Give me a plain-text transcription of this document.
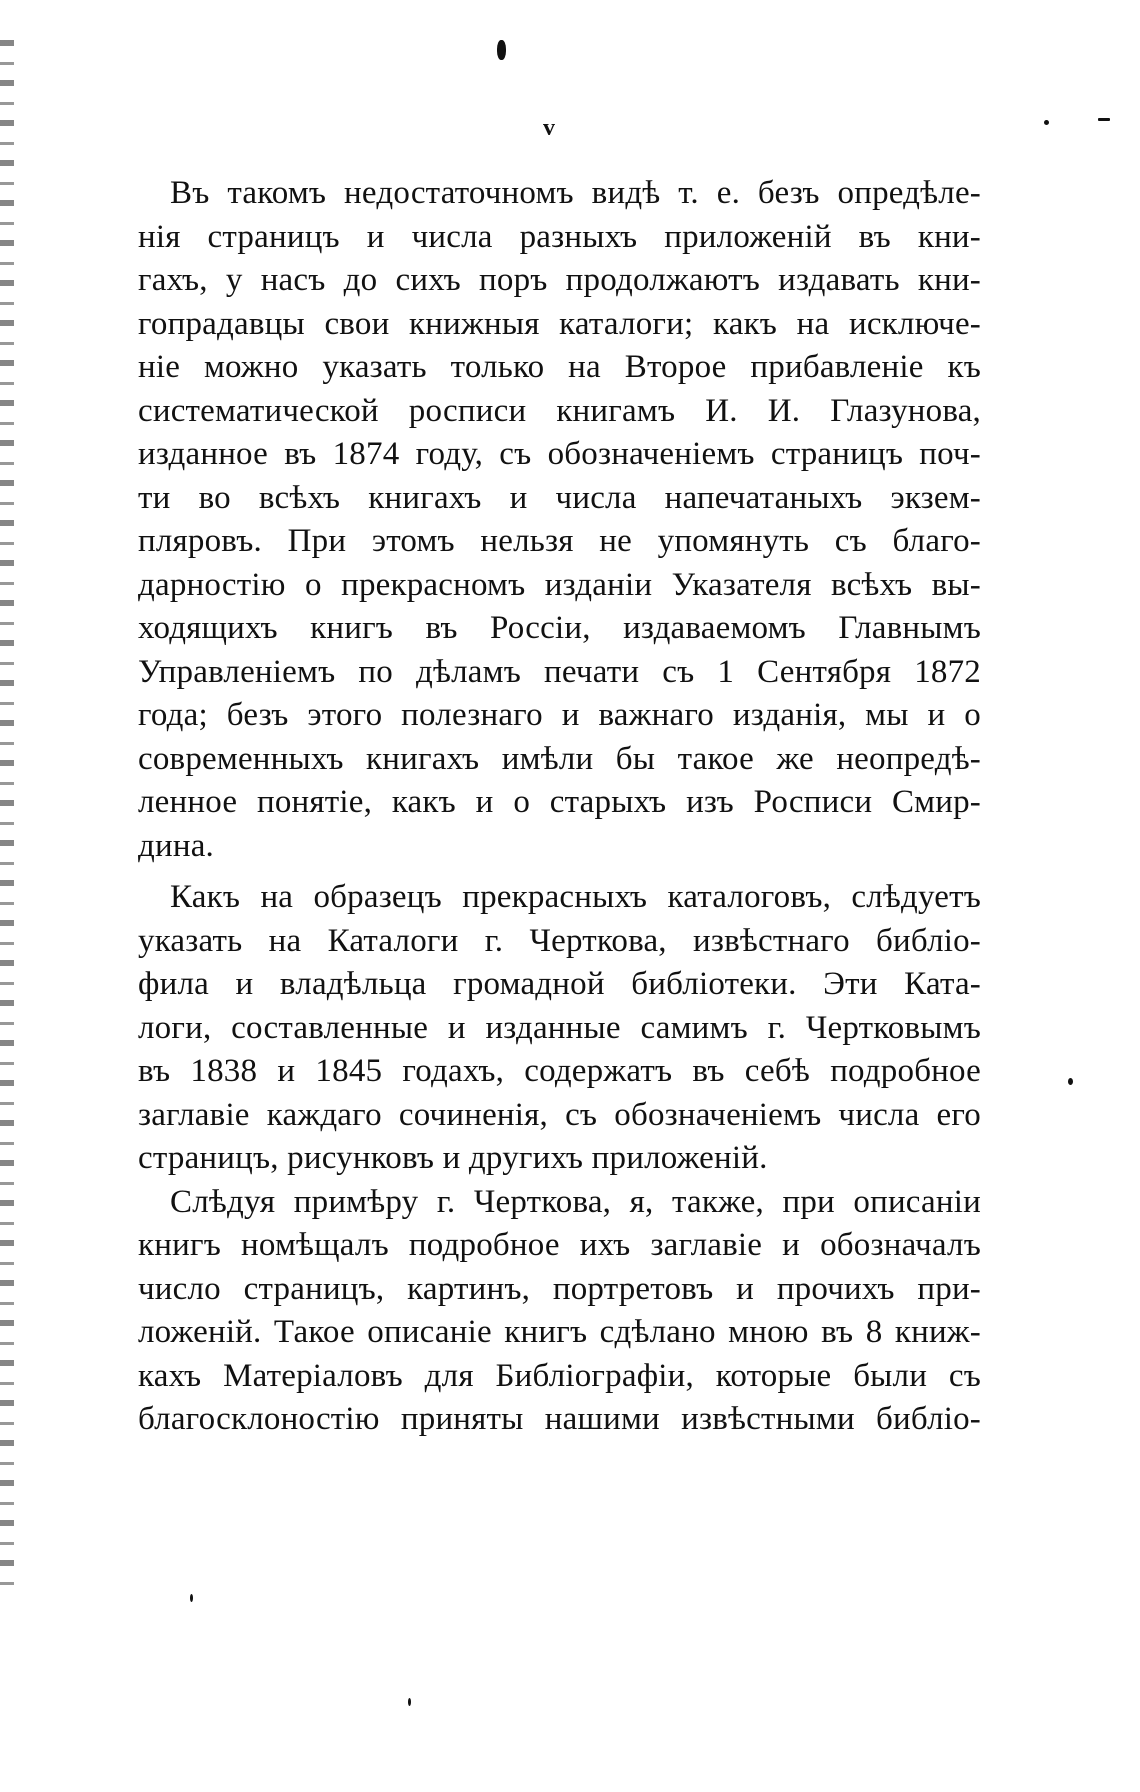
v
Въ такомъ недостаточномъ видѣ т. е. безъ опредѣле-
нія страницъ и числа разныхъ приложеній въ кни-
гахъ, у насъ до сихъ поръ продолжаютъ издавать кни-
гопрадавцы свои книжныя каталоги; какъ на исключе-
ніе можно указать только на Второе прибавленіе къ
систематической росписи книгамъ И. И. Глазунова,
изданное въ 1874 году, съ обозначеніемъ страницъ поч-
ти во всѣхъ книгахъ и числа напечатаныхъ экзем-
пляровъ. При этомъ нельзя не упомянуть съ благо-
дарностію о прекрасномъ изданіи Указателя всѣхъ вы-
ходящихъ книгъ въ Россіи, издаваемомъ Главнымъ
Управленіемъ по дѣламъ печати съ 1 Сентября 1872
года; безъ этого полезнаго и важнаго изданія, мы и о
современныхъ книгахъ имѣли бы такое же неопредѣ-
ленное понятіе, какъ и о старыхъ изъ Росписи Смир-
дина.
Какъ на образецъ прекрасныхъ каталоговъ, слѣдуетъ
указать на Каталоги г. Черткова, извѣстнаго библіо-
фила и владѣльца громадной библіотеки. Эти Ката-
логи, составленные и изданные самимъ г. Чертковымъ
въ 1838 и 1845 годахъ, содержатъ въ себѣ подробное
заглавіе каждаго сочиненія, съ обозначеніемъ числа его
страницъ, рисунковъ и другихъ приложеній.
Слѣдуя примѣру г. Черткова, я, также, при описаніи
книгъ номѣщалъ подробное ихъ заглавіе и обозначалъ
число страницъ, картинъ, портретовъ и прочихъ при-
ложеній. Такое описаніе книгъ сдѣлано мною въ 8 книж-
кахъ Матеріаловъ для Библіографіи, которые были съ
благосклоностію приняты нашими извѣстными библіо-
